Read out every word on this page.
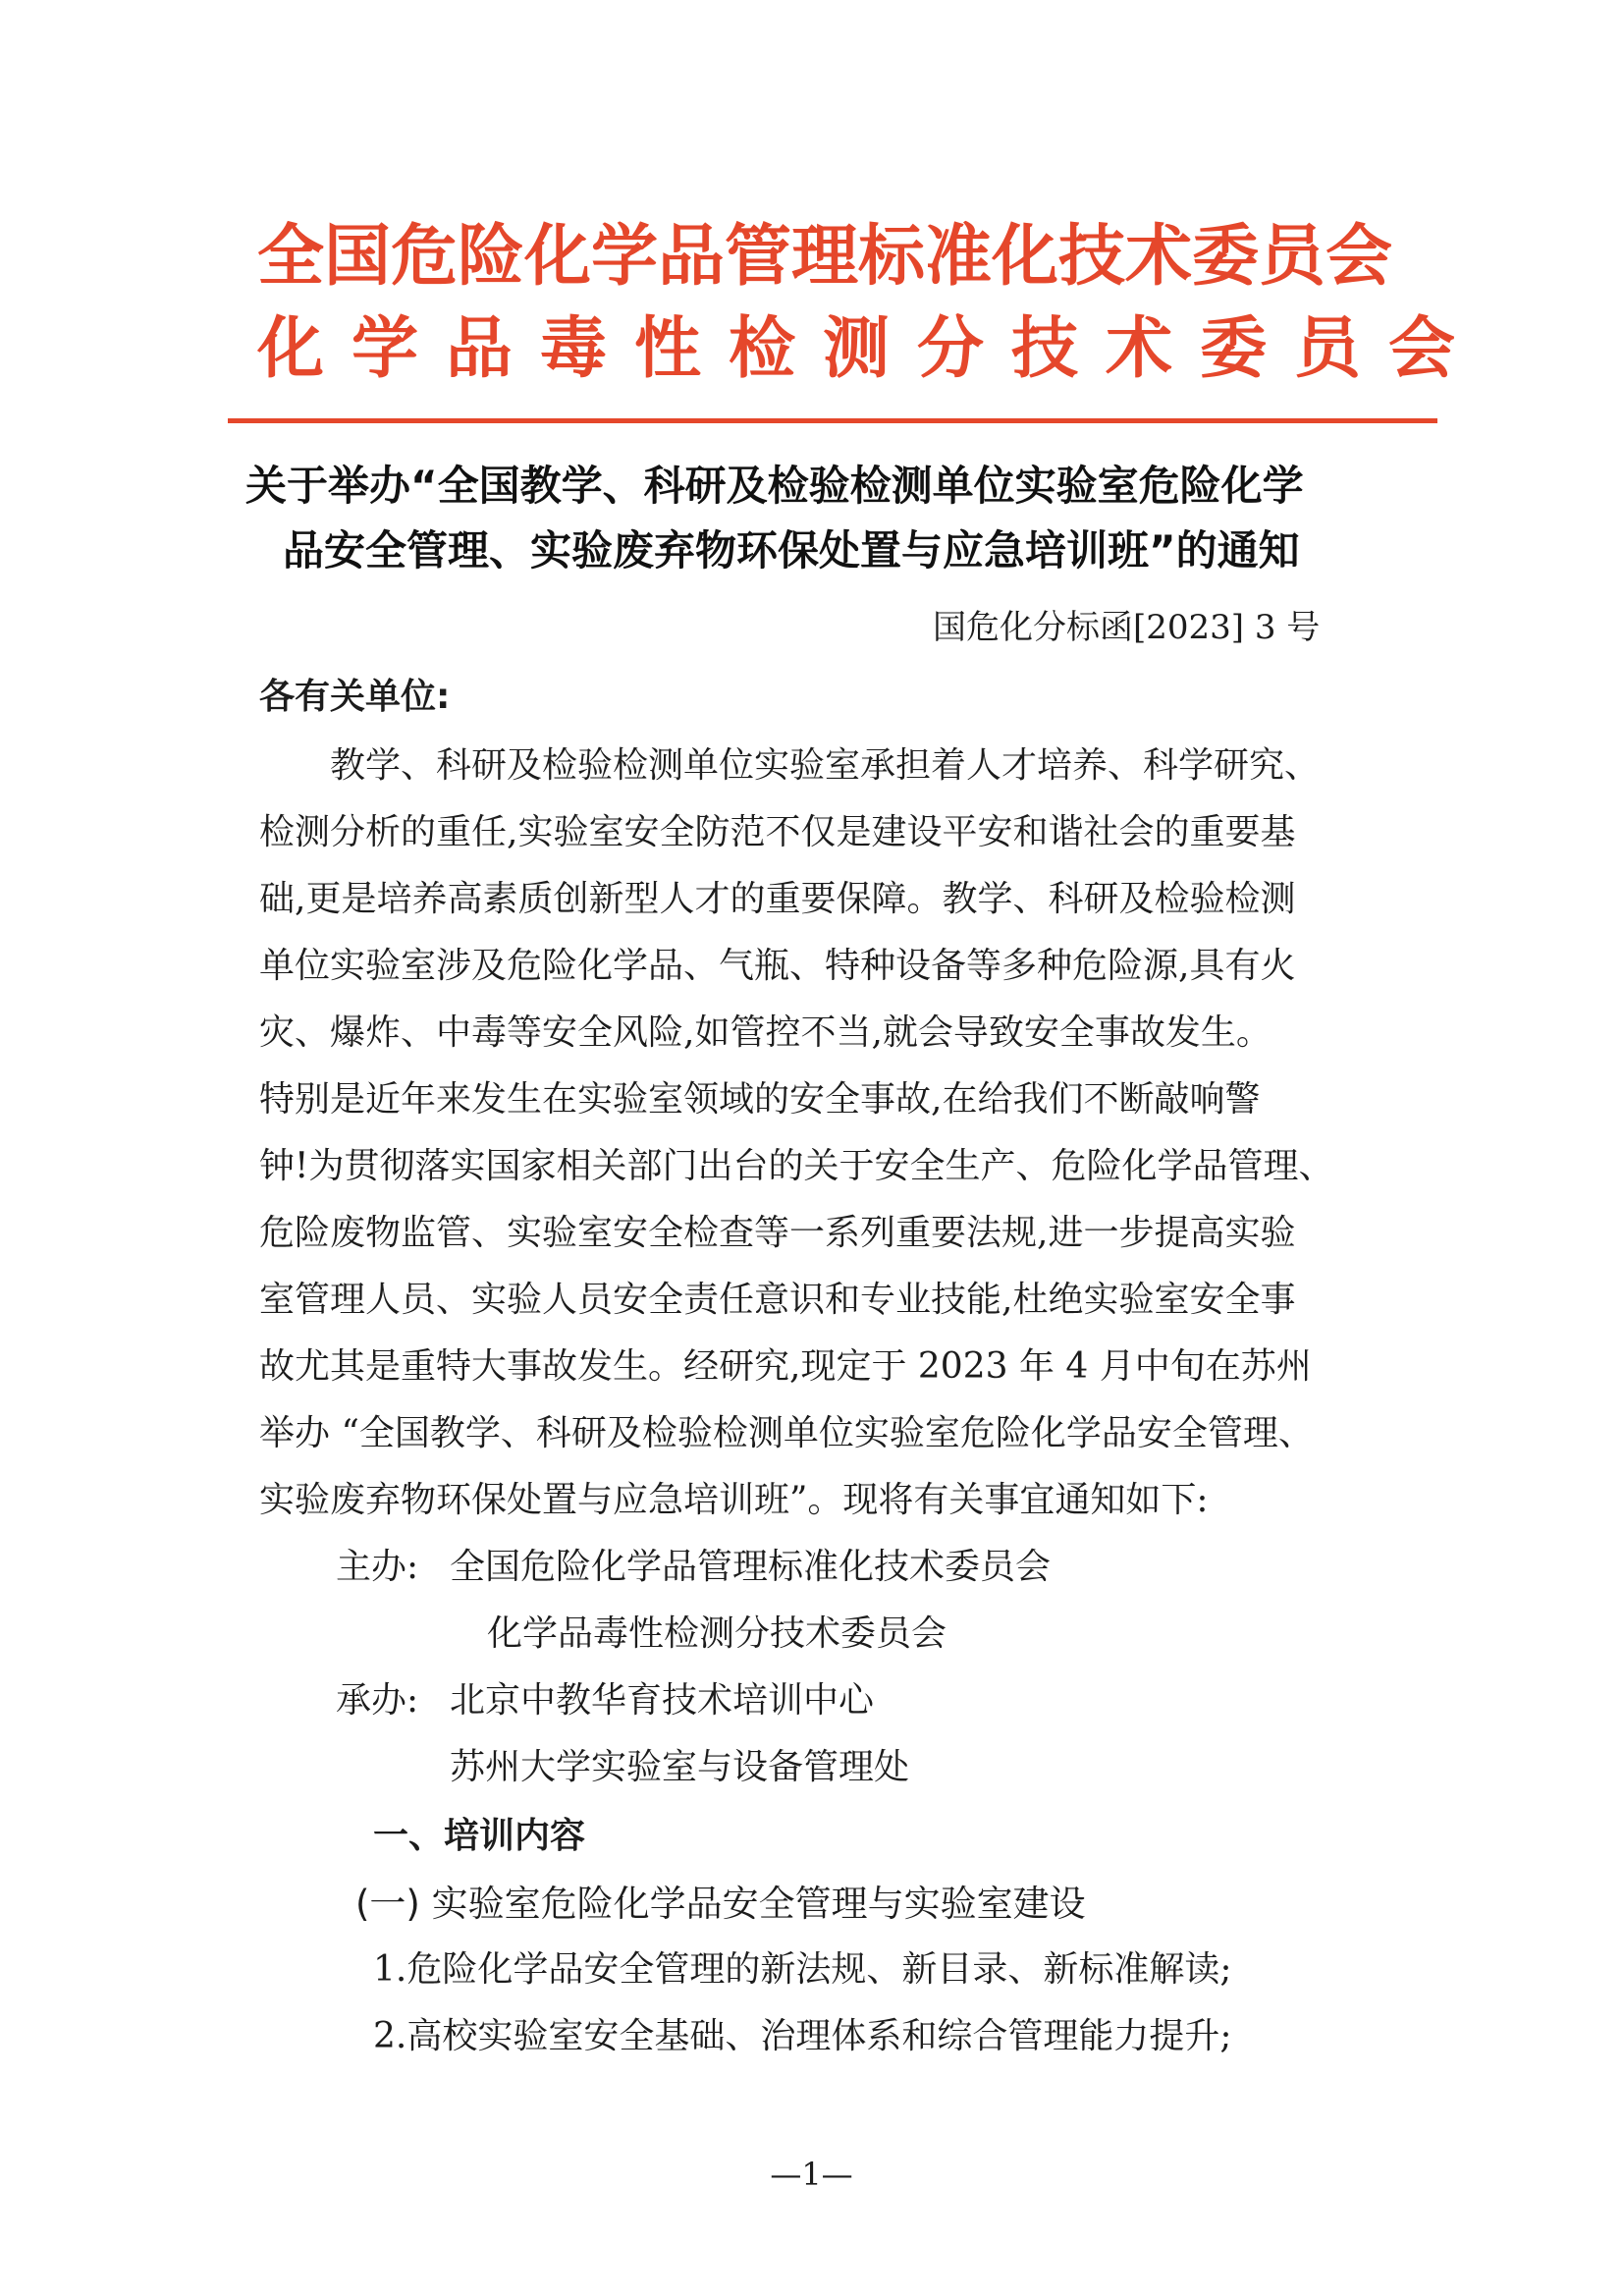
全国危险化学品管理标准化技术委员会
化学品毒性检测分技术委员会
关于举办“全国教学、科研及检验检测单位实验室危险化学
品安全管理、实验废弃物环保处置与应急培训班”的通知
国危化分标函[2023] 3 号
各有关单位:
　　教学、科研及检验检测单位实验室承担着人才培养、科学研究、
检测分析的重任,实验室安全防范不仅是建设平安和谐社会的重要基
础,更是培养高素质创新型人才的重要保障。教学、科研及检验检测
单位实验室涉及危险化学品、气瓶、特种设备等多种危险源,具有火
灾、爆炸、中毒等安全风险,如管控不当,就会导致安全事故发生。
特别是近年来发生在实验室领域的安全事故,在给我们不断敲响警
钟!为贯彻落实国家相关部门出台的关于安全生产、危险化学品管理、
危险废物监管、实验室安全检查等一系列重要法规,进一步提高实验
室管理人员、实验人员安全责任意识和专业技能,杜绝实验室安全事
故尤其是重特大事故发生。经研究,现定于 2023 年 4 月中旬在苏州
举办 “全国教学、科研及检验检测单位实验室危险化学品安全管理、
实验废弃物环保处置与应急培训班”。现将有关事宜通知如下:
主办: 全国危险化学品管理标准化技术委员会
化学品毒性检测分技术委员会
承办: 北京中教华育技术培训中心
苏州大学实验室与设备管理处
一、培训内容
(一) 实验室危险化学品安全管理与实验室建设
1.危险化学品安全管理的新法规、新目录、新标准解读;
2.高校实验室安全基础、治理体系和综合管理能力提升;
—1—
